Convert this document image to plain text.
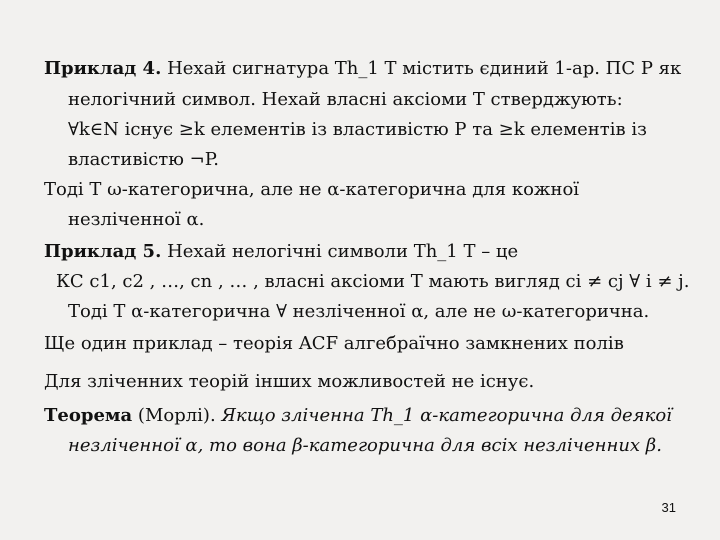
Приклад 4. Нехай сигнатура Th_1 T містить єдиний 1-ар. ПС P як
нелогічний символ. Нехай власні аксіоми T стверджують:
∀k∈N існує ≥k елементів із властивістю P та ≥k елементів із
властивістю ¬P.
Тоді T ω-категорична, але не α-категорична для кожної
незліченної α.
Приклад 5. Нехай нелогічні символи Th_1 T – це
КС c1, c2 , …, cn , … , власні аксіоми T мають вигляд ci ≠ cj ∀ i ≠ j.
Тоді T α-категорична ∀ незліченної α, але не ω-категорична.
Ще один приклад – теорія ACF алгебраїчно замкнених полів
Для зліченних теорій інших можливостей не існує.
Теорема (Морлі). Якщо зліченна Th_1 α-категорична для деякої
незліченної α, то вона β-категорична для всіх незліченних β.
31
